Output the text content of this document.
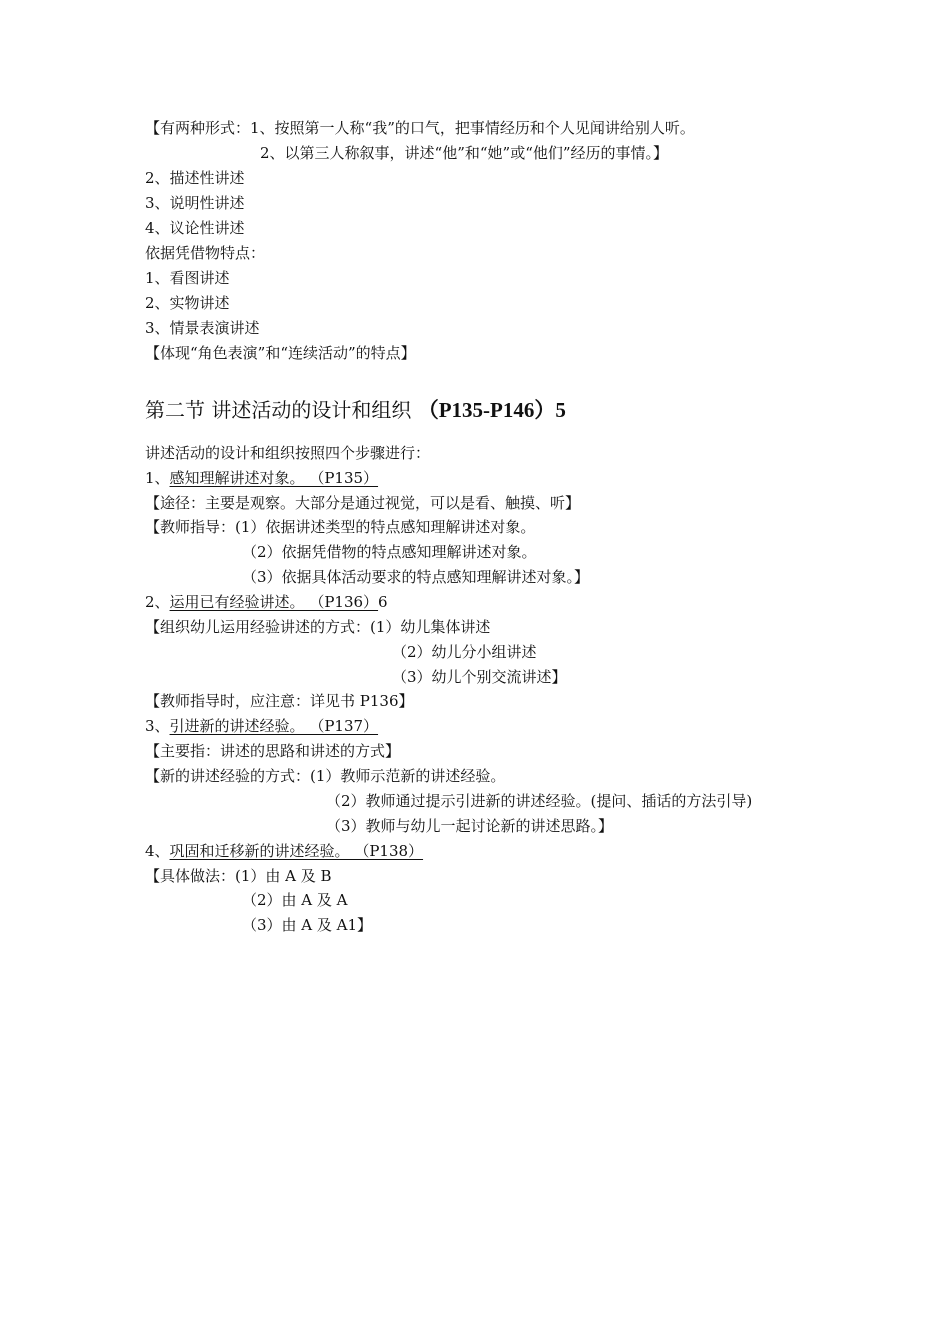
【有两种形式：1、按照第一人称“我”的口气，把事情经历和个人见闻讲给别人听。
2、以第三人称叙事，讲述“他”和“她”或“他们”经历的事情。】
2、描述性讲述
3、说明性讲述
4、议论性讲述
依据凭借物特点：
1、看图讲述
2、实物讲述
3、情景表演讲述
【体现“角色表演”和“连续活动”的特点】
第二节 讲述活动的设计和组织 （P135-P146）5
讲述活动的设计和组织按照四个步骤进行：
1、感知理解讲述对象。 （P135）
【途径：主要是观察。大部分是通过视觉，可以是看、触摸、听】
【教师指导：(1）依据讲述类型的特点感知理解讲述对象。
（2）依据凭借物的特点感知理解讲述对象。
（3）依据具体活动要求的特点感知理解讲述对象。】
2、运用已有经验讲述。 （P136）6
【组织幼儿运用经验讲述的方式：(1）幼儿集体讲述
（2）幼儿分小组讲述
（3）幼儿个别交流讲述】
【教师指导时，应注意：详见书 P136】
3、引进新的讲述经验。 （P137）
【主要指：讲述的思路和讲述的方式】
【新的讲述经验的方式：(1）教师示范新的讲述经验。
（2）教师通过提示引进新的讲述经验。(提问、插话的方法引导)
（3）教师与幼儿一起讨论新的讲述思路。】
4、巩固和迁移新的讲述经验。 （P138）
【具体做法：(1）由 A 及 B
（2）由 A 及 A
（3）由 A 及 A1】
